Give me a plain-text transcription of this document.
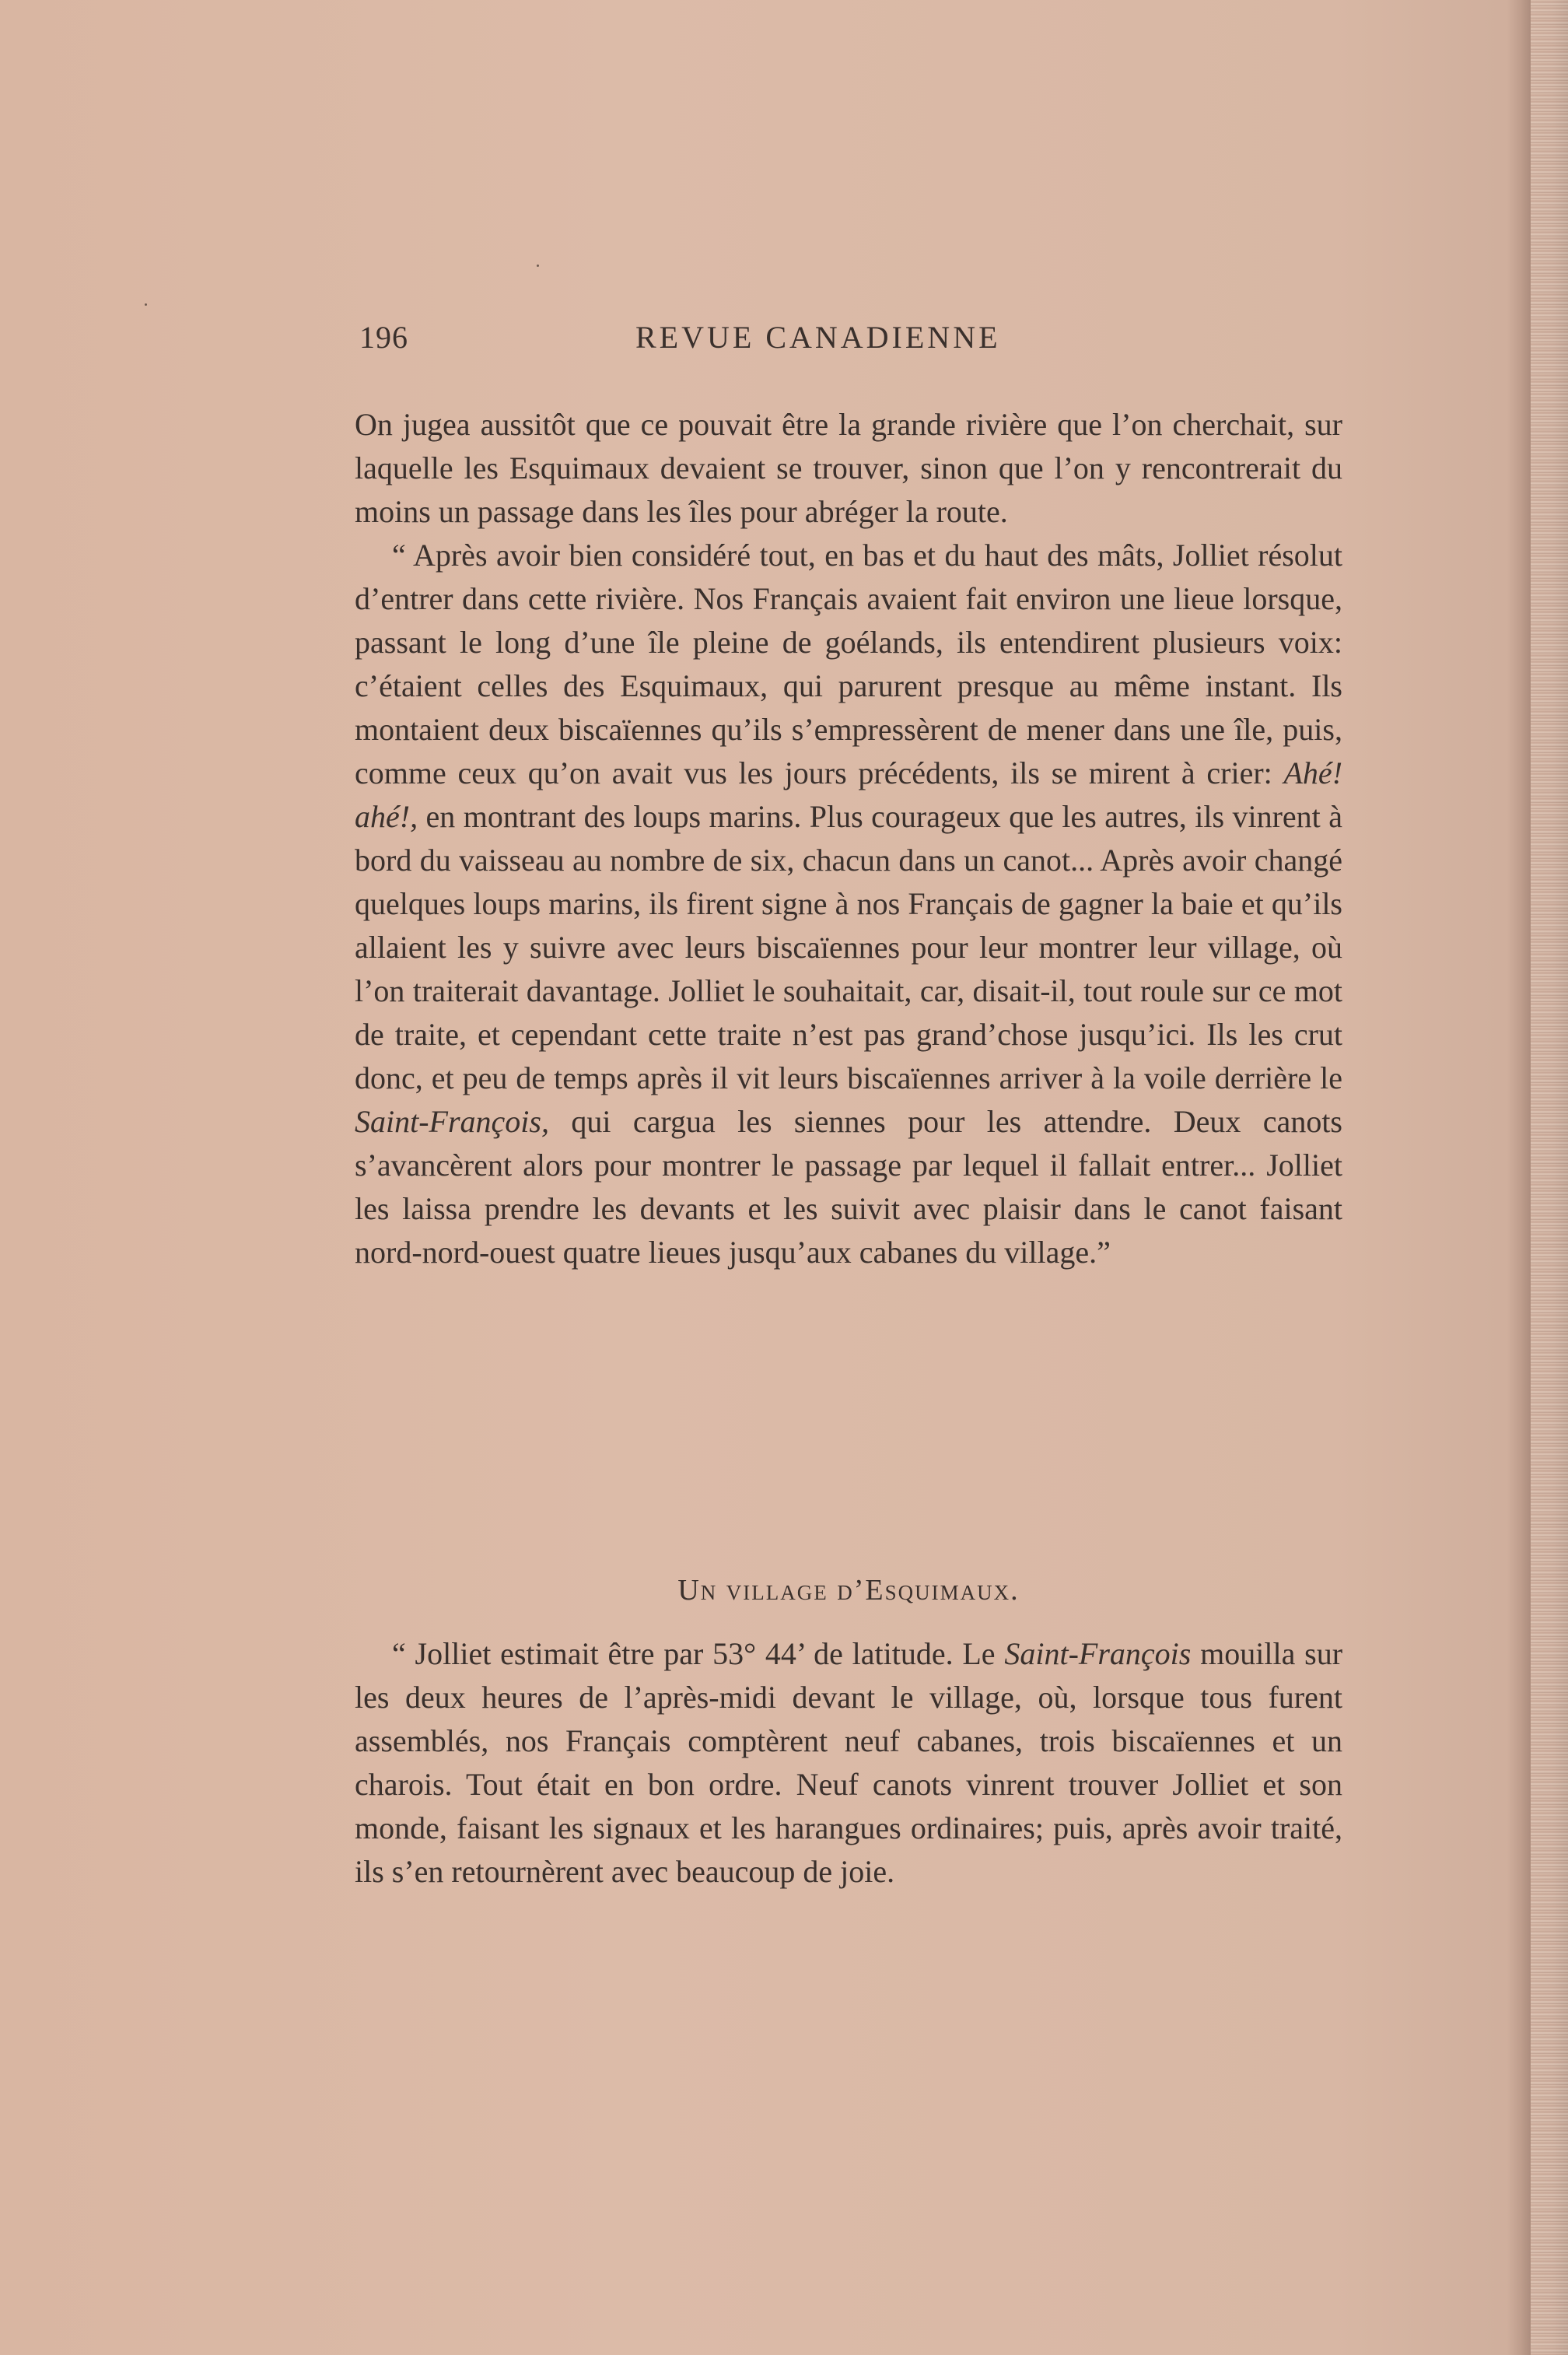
196	REVUE CANADIENNE

On jugea aussitôt que ce pouvait être la grande rivière que l’on cherchait, sur laquelle les Esquimaux devaient se trouver, sinon que l’on y rencontrerait du moins un passage dans les îles pour abréger la route.

“ Après avoir bien considéré tout, en bas et du haut des mâts, Jolliet résolut d’entrer dans cette rivière. Nos Français avaient fait environ une lieue lorsque, passant le long d’une île pleine de goélands, ils entendirent plusieurs voix: c’étaient celles des Esquimaux, qui parurent presque au même instant. Ils montaient deux biscaïennes qu’ils s’empressèrent de mener dans une île, puis, comme ceux qu’on avait vus les jours précédents, ils se mirent à crier: Ahé! ahé!, en montrant des loups marins. Plus courageux que les autres, ils vinrent à bord du vaisseau au nombre de six, chacun dans un canot... Après avoir changé quelques loups marins, ils firent signe à nos Français de gagner la baie et qu’ils allaient les y suivre avec leurs biscaïennes pour leur montrer leur village, où l’on traiterait davantage. Jolliet le souhaitait, car, disait-il, tout roule sur ce mot de traite, et cependant cette traite n’est pas grand’chose jusqu’ici. Ils les crut donc, et peu de temps après il vit leurs biscaïennes arriver à la voile derrière le Saint-François, qui cargua les siennes pour les attendre. Deux canots s’avancèrent alors pour montrer le passage par lequel il fallait entrer... Jolliet les laissa prendre les devants et les suivit avec plaisir dans le canot faisant nord-nord-ouest quatre lieues jusqu’aux cabanes du village.”

Un village d’Esquimaux.

“ Jolliet estimait être par 53° 44’ de latitude. Le Saint-François mouilla sur les deux heures de l’après-midi devant le village, où, lorsque tous furent assemblés, nos Français comptèrent neuf cabanes, trois biscaïennes et un charois. Tout était en bon ordre. Neuf canots vinrent trouver Jolliet et son monde, faisant les signaux et les harangues ordinaires; puis, après avoir traité, ils s’en retournèrent avec beaucoup de joie.
